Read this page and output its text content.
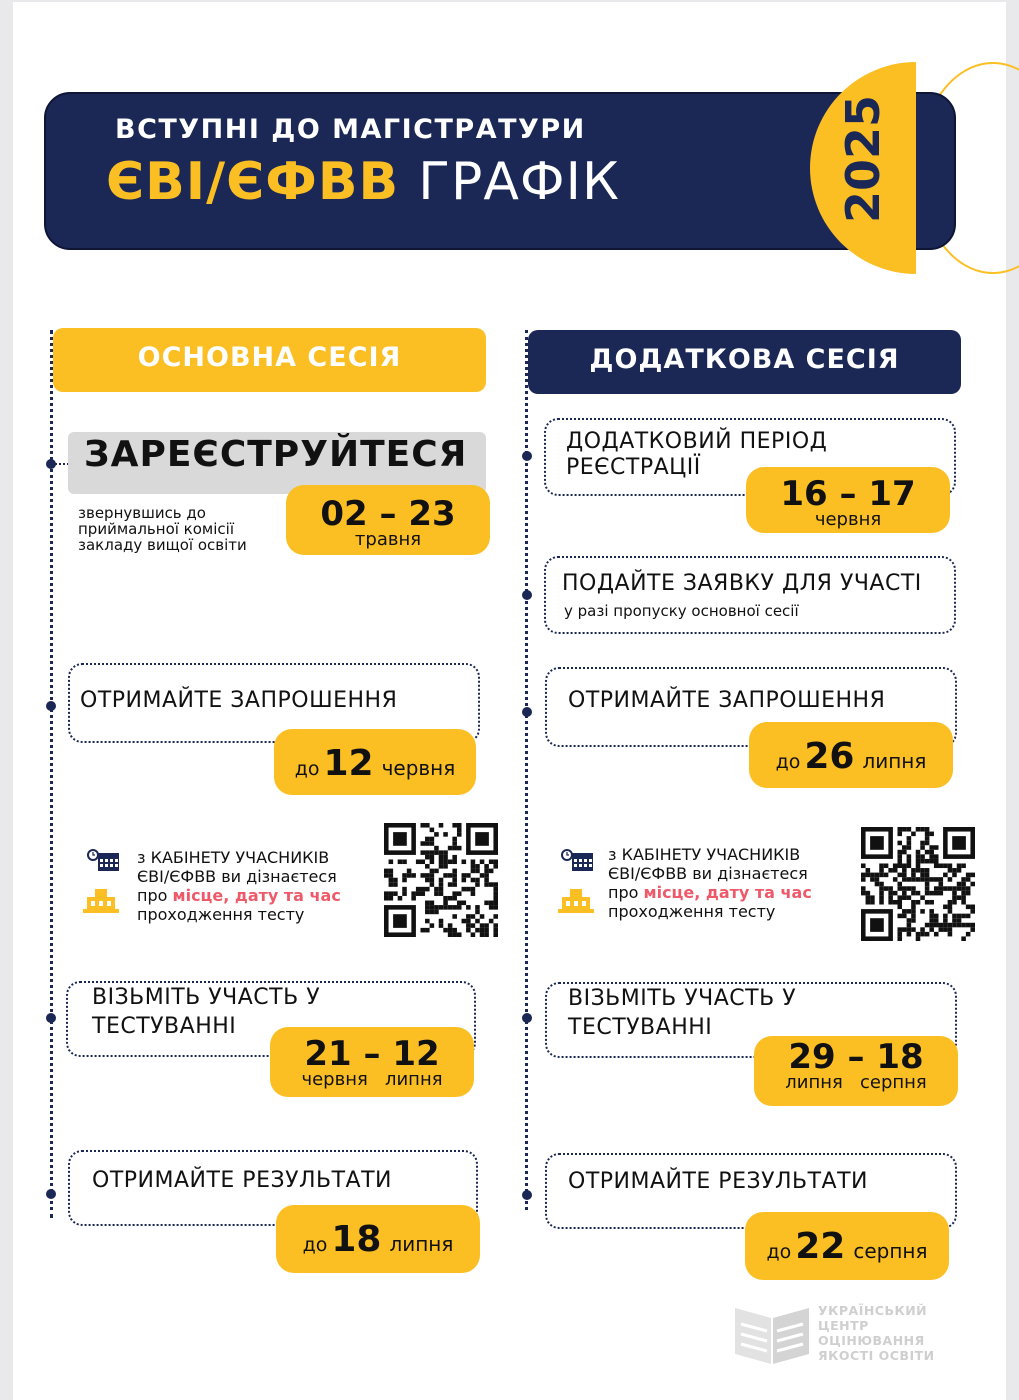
2025
ВСТУПНІ ДО МАГІСТРАТУРИ
ЄВІ/ЄФВВ ГРАФІК
ОСНОВНА СЕСІЯ	ДОДАТКОВА СЕСІЯ
ЗАРЕЄСТРУЙТЕСЯ
звернувшись до приймальної комісії закладу вищої освіти
02 – 23
травня
ОТРИМАЙТЕ ЗАПРОШЕННЯ
до 12 червня
з КАБІНЕТУ УЧАСНИКІВ
ЄВІ/ЄФВВ ви дізнаєтеся
про місце, дату та час
проходження тесту
ВІЗЬМІТЬ УЧАСТЬ У
ТЕСТУВАННІ
21 – 12
червня липня
ОТРИМАЙТЕ РЕЗУЛЬТАТИ
до 18 липня
ДОДАТКОВИЙ ПЕРІОД
РЕЄСТРАЦІЇ
16 – 17
червня
ПОДАЙТЕ ЗАЯВКУ ДЛЯ УЧАСТІ
у разі пропуску основної сесії
ОТРИМАЙТЕ ЗАПРОШЕННЯ
до 26 липня
з КАБІНЕТУ УЧАСНИКІВ
ЄВІ/ЄФВВ ви дізнаєтеся
про місце, дату та час
проходження тесту
ВІЗЬМІТЬ УЧАСТЬ У
ТЕСТУВАННІ
29 – 18
липня серпня
ОТРИМАЙТЕ РЕЗУЛЬТАТИ
до 22 серпня
УКРАЇНСЬКИЙ
ЦЕНТР
ОЦІНЮВАННЯ
ЯКОСТІ ОСВІТИ
